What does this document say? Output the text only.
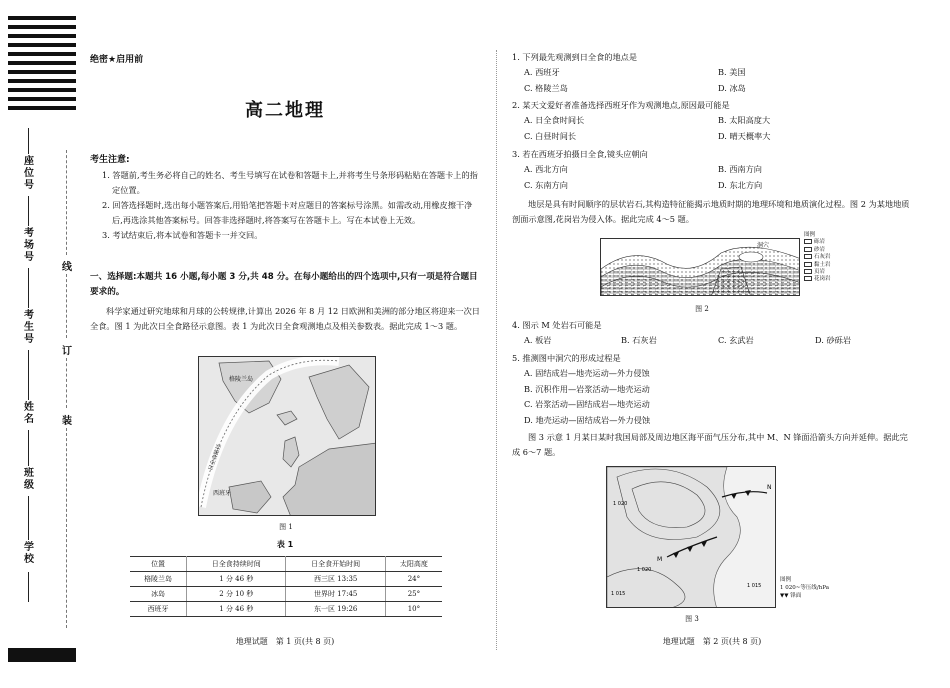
座位号
考场号
考生号
姓名
班级
学校
线
订
装
绝密★启用前
高二地理
考生注意:

1. 答题前,考生务必将自己的姓名、考生号填写在试卷和答题卡上,并将考生号条形码粘贴在答题卡上的指定位置。

2. 回答选择题时,选出每小题答案后,用铅笔把答题卡对应题目的答案标号涂黑。如需改动,用橡皮擦干净后,再选涂其他答案标号。回答非选择题时,将答案写在答题卡上。写在本试卷上无效。

3. 考试结束后,将本试卷和答题卡一并交回。

一、选择题:本题共 16 小题,每小题 3 分,共 48 分。在每小题给出的四个选项中,只有一项是符合题目要求的。
科学家通过研究地球和月球的公转规律,计算出 2026 年 8 月 12 日欧洲和美洲的部分地区将迎来一次日全食。图 1 为此次日全食路径示意图。表 1 为此次日全食观测地点及相关参数表。据此完成 1～3 题。
格陵兰岛
日全食路径
西班牙
图 1
表 1
位置	日全食持续时间	日全食开始时间	太阳高度
格陵兰岛	1 分 46 秒	西三区 13:35	24°
冰岛	2 分 10 秒	世界时 17:45	25°
西班牙	1 分 46 秒	东一区 19:26	10°
地理试题　第 1 页(共 8 页)
1. 下列最先观测到日全食的地点是
A. 西班牙	B. 美国
C. 格陵兰岛	D. 冰岛
2. 某天文爱好者准备选择西班牙作为观测地点,原因最可能是
A. 日全食时间长	B. 太阳高度大
C. 白昼时间长	D. 晴天概率大
3. 若在西班牙拍摄日全食,镜头应朝向
A. 西北方向	B. 西南方向
C. 东南方向	D. 东北方向
地层是具有时间顺序的层状岩石,其构造特征能揭示地质时期的地理环境和地质演化过程。图 2 为某地地质剖面示意图,花岗岩为侵入体。据此完成 4～5 题。
洞穴
图例
砾岩
砂岩
石灰岩
黏土岩
页岩
花岗岩
图 2
4. 图示 M 处岩石可能是
A. 板岩	B. 石灰岩	C. 玄武岩	D. 砂砾岩
5. 推测图中洞穴的形成过程是
A. 固结成岩—地壳运动—外力侵蚀
B. 沉积作用—岩浆活动—地壳运动
C. 岩浆活动—固结成岩—地壳运动
D. 地壳运动—固结成岩—外力侵蚀
图 3 示意 1 月某日某时我国局部及周边地区海平面气压分布,其中 M、N 锋面沿箭头方向并延伸。据此完成 6～7 题。
M
N
1 020
1 015
1 020
1 015
图例
1 020~等压线/hPa
▼▼ 锋面
图 3
地理试题　第 2 页(共 8 页)
